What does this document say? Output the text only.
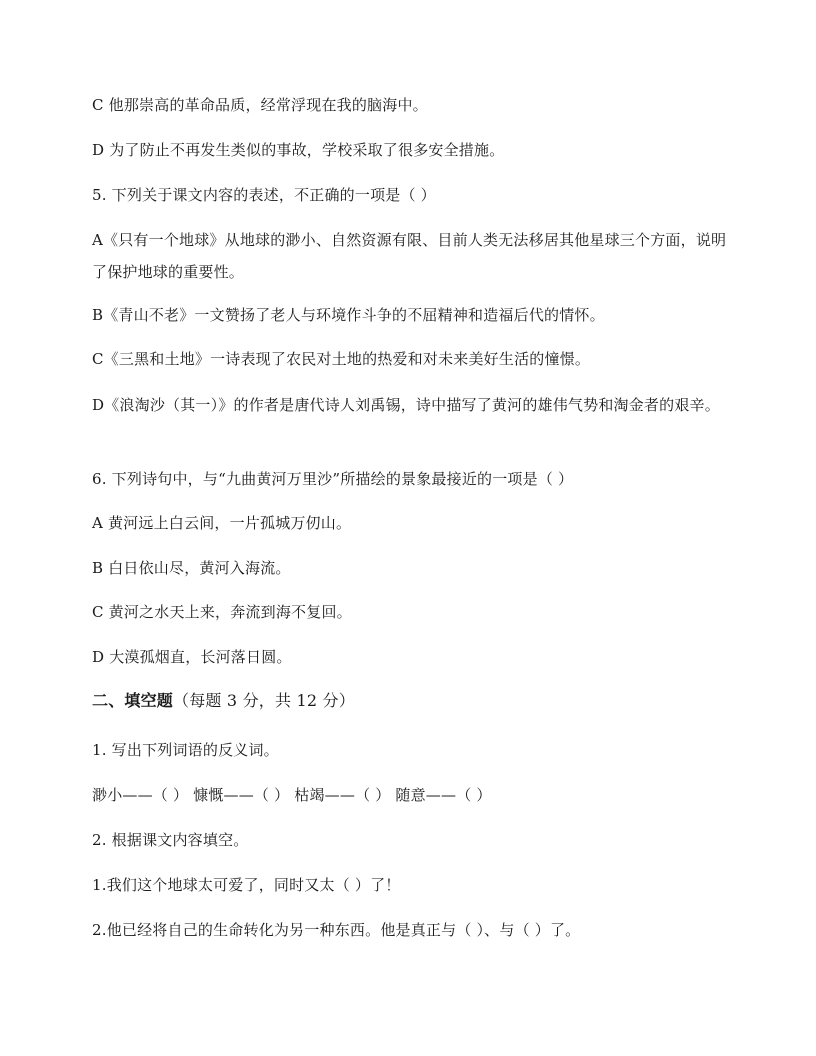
C 他那崇高的革命品质，经常浮现在我的脑海中。
D 为了防止不再发生类似的事故，学校采取了很多安全措施。
5. 下列关于课文内容的表述，不正确的一项是（ ）
A《只有一个地球》从地球的渺小、自然资源有限、目前人类无法移居其他星球三个方面，说明了保护地球的重要性。
B《青山不老》一文赞扬了老人与环境作斗争的不屈精神和造福后代的情怀。
C《三黑和土地》一诗表现了农民对土地的热爱和对未来美好生活的憧憬。
D《浪淘沙（其一）》的作者是唐代诗人刘禹锡，诗中描写了黄河的雄伟气势和淘金者的艰辛。
6. 下列诗句中，与“九曲黄河万里沙”所描绘的景象最接近的一项是（ ）
A 黄河远上白云间，一片孤城万仞山。
B 白日依山尽，黄河入海流。
C 黄河之水天上来，奔流到海不复回。
D 大漠孤烟直，长河落日圆。
二、填空题（每题 3 分，共 12 分）
1. 写出下列词语的反义词。
渺小——（ ） 慷慨——（ ） 枯竭——（ ） 随意——（ ）
2. 根据课文内容填空。
1.我们这个地球太可爱了，同时又太（ ）了！
2.他已经将自己的生命转化为另一种东西。他是真正与（ ）、与（ ）了。
